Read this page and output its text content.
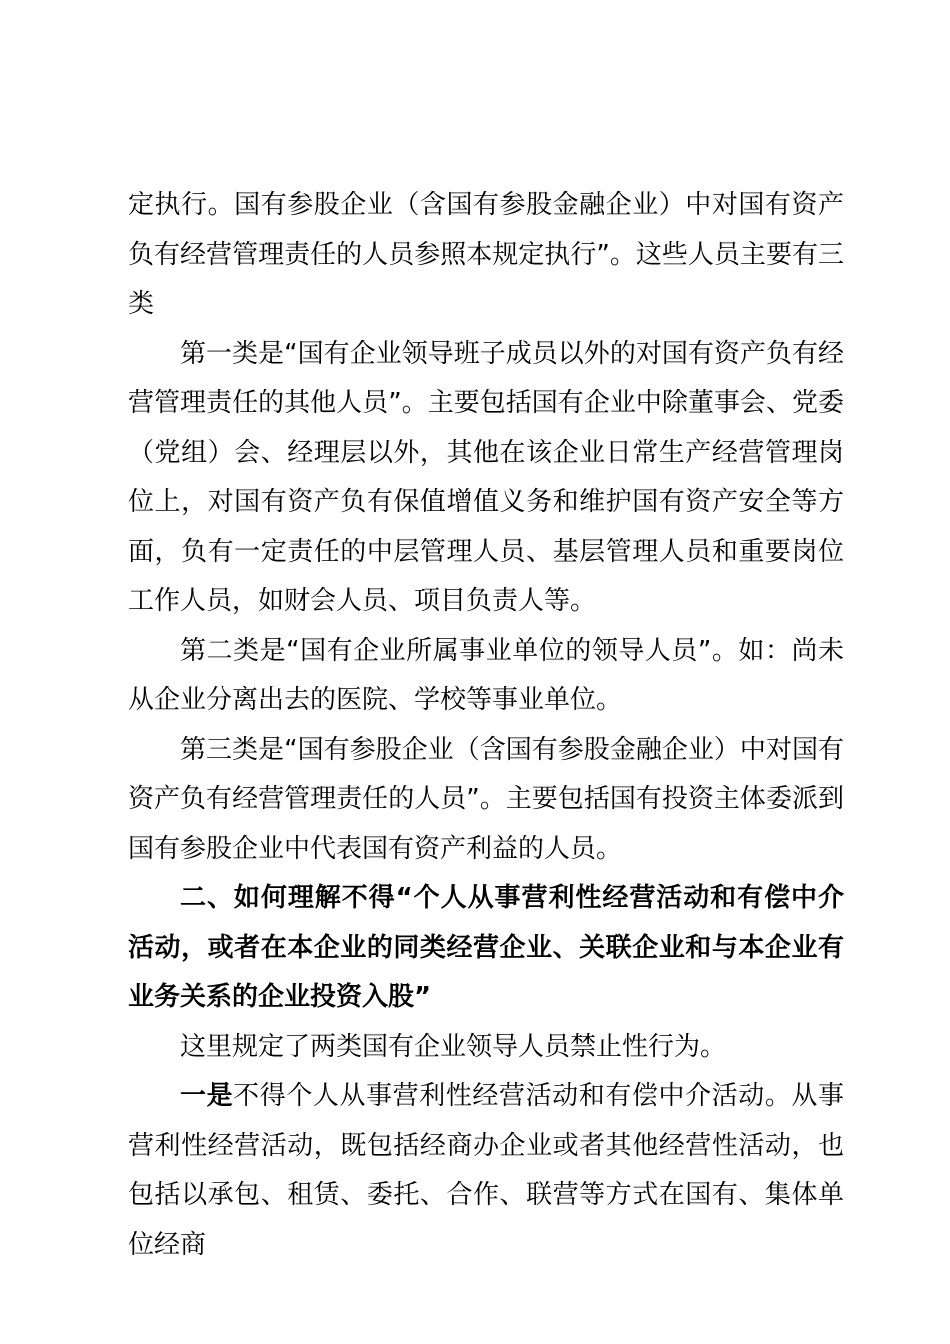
定执行。国有参股企业（含国有参股金融企业）中对国有资产负有经营管理责任的人员参照本规定执行”。这些人员主要有三类

第一类是“国有企业领导班子成员以外的对国有资产负有经营管理责任的其他人员”。主要包括国有企业中除董事会、党委（党组）会、经理层以外，其他在该企业日常生产经营管理岗位上，对国有资产负有保值增值义务和维护国有资产安全等方面，负有一定责任的中层管理人员、基层管理人员和重要岗位工作人员，如财会人员、项目负责人等。

第二类是“国有企业所属事业单位的领导人员”。如：尚未从企业分离出去的医院、学校等事业单位。

第三类是“国有参股企业（含国有参股金融企业）中对国有资产负有经营管理责任的人员”。主要包括国有投资主体委派到国有参股企业中代表国有资产利益的人员。

二、如何理解不得“个人从事营利性经营活动和有偿中介活动，或者在本企业的同类经营企业、关联企业和与本企业有业务关系的企业投资入股”

这里规定了两类国有企业领导人员禁止性行为。

一是不得个人从事营利性经营活动和有偿中介活动。从事营利性经营活动，既包括经商办企业或者其他经营性活动，也包括以承包、租赁、委托、合作、联营等方式在国有、集体单位经商
